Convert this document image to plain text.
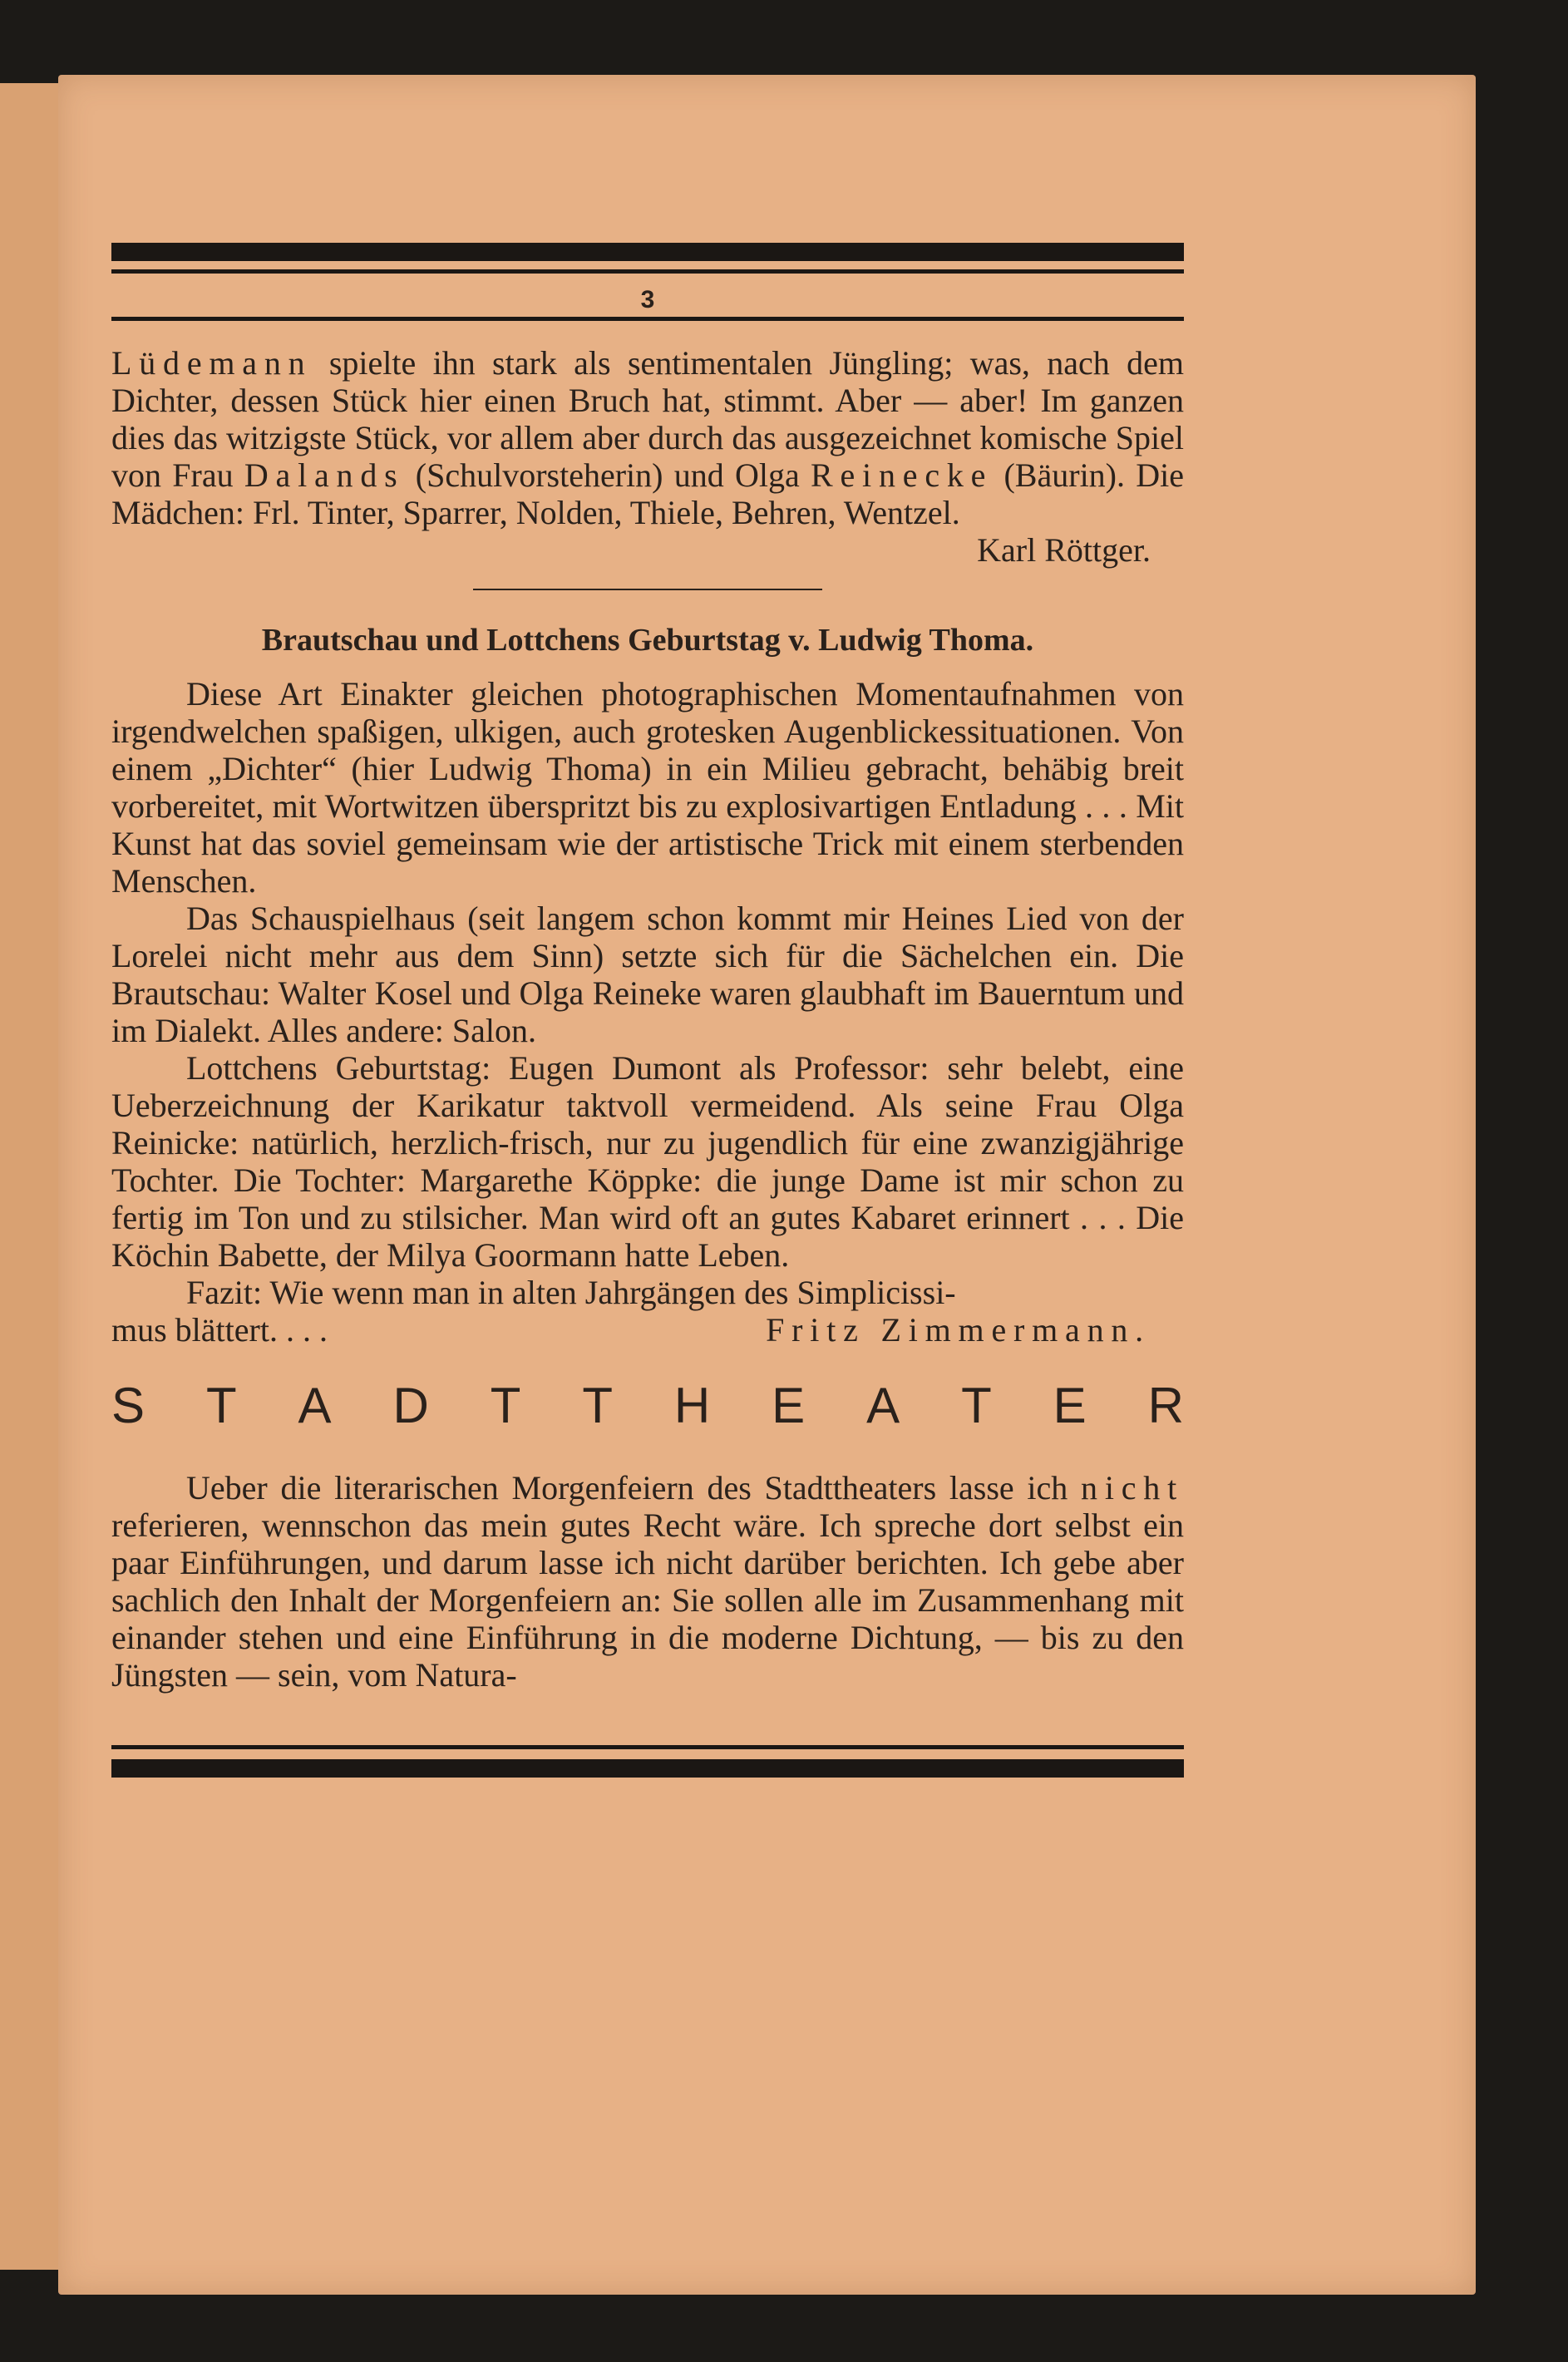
3

Lüdemann spielte ihn stark als sentimentalen Jüngling; was, nach dem Dichter, dessen Stück hier einen Bruch hat, stimmt. Aber — aber! Im ganzen dies das witzigste Stück, vor allem aber durch das ausgezeichnet komische Spiel von Frau Dalands (Schulvorsteherin) und Olga Reinecke (Bäurin). Die Mädchen: Frl. Tinter, Sparrer, Nolden, Thiele, Behren, Wentzel.

Karl Röttger.
Brautschau und Lottchens Geburtstag v. Ludwig Thoma.

Diese Art Einakter gleichen photographischen Momentaufnahmen von irgendwelchen spaßigen, ulkigen, auch grotesken Augenblickessituationen. Von einem „Dichter“ (hier Ludwig Thoma) in ein Milieu gebracht, behäbig breit vorbereitet, mit Wortwitzen überspritzt bis zu explosivartigen Entladung . . . Mit Kunst hat das soviel gemeinsam wie der artistische Trick mit einem sterbenden Menschen.

Das Schauspielhaus (seit langem schon kommt mir Heines Lied von der Lorelei nicht mehr aus dem Sinn) setzte sich für die Sächelchen ein. Die Brautschau: Walter Kosel und Olga Reineke waren glaubhaft im Bauerntum und im Dialekt. Alles andere: Salon.

Lottchens Geburtstag: Eugen Dumont als Professor: sehr belebt, eine Ueberzeichnung der Karikatur taktvoll vermeidend. Als seine Frau Olga Reinicke: natürlich, herzlich-frisch, nur zu jugendlich für eine zwanzigjährige Tochter. Die Tochter: Margarethe Köppke: die junge Dame ist mir schon zu fertig im Ton und zu stilsicher. Man wird oft an gutes Kabaret erinnert . . . Die Köchin Babette, der Milya Goormann hatte Leben.

Fazit: Wie wenn man in alten Jahrgängen des Simplicissi-

mus blättert. . . .	Fritz Zimmermann.
S T A D T T H E A T E R

Ueber die literarischen Morgenfeiern des Stadttheaters lasse ich nicht referieren, wennschon das mein gutes Recht wäre. Ich spreche dort selbst ein paar Einführungen, und darum lasse ich nicht darüber berichten. Ich gebe aber sachlich den Inhalt der Morgenfeiern an: Sie sollen alle im Zusammenhang mit einander stehen und eine Einführung in die moderne Dichtung, — bis zu den Jüngsten — sein, vom Natura-
